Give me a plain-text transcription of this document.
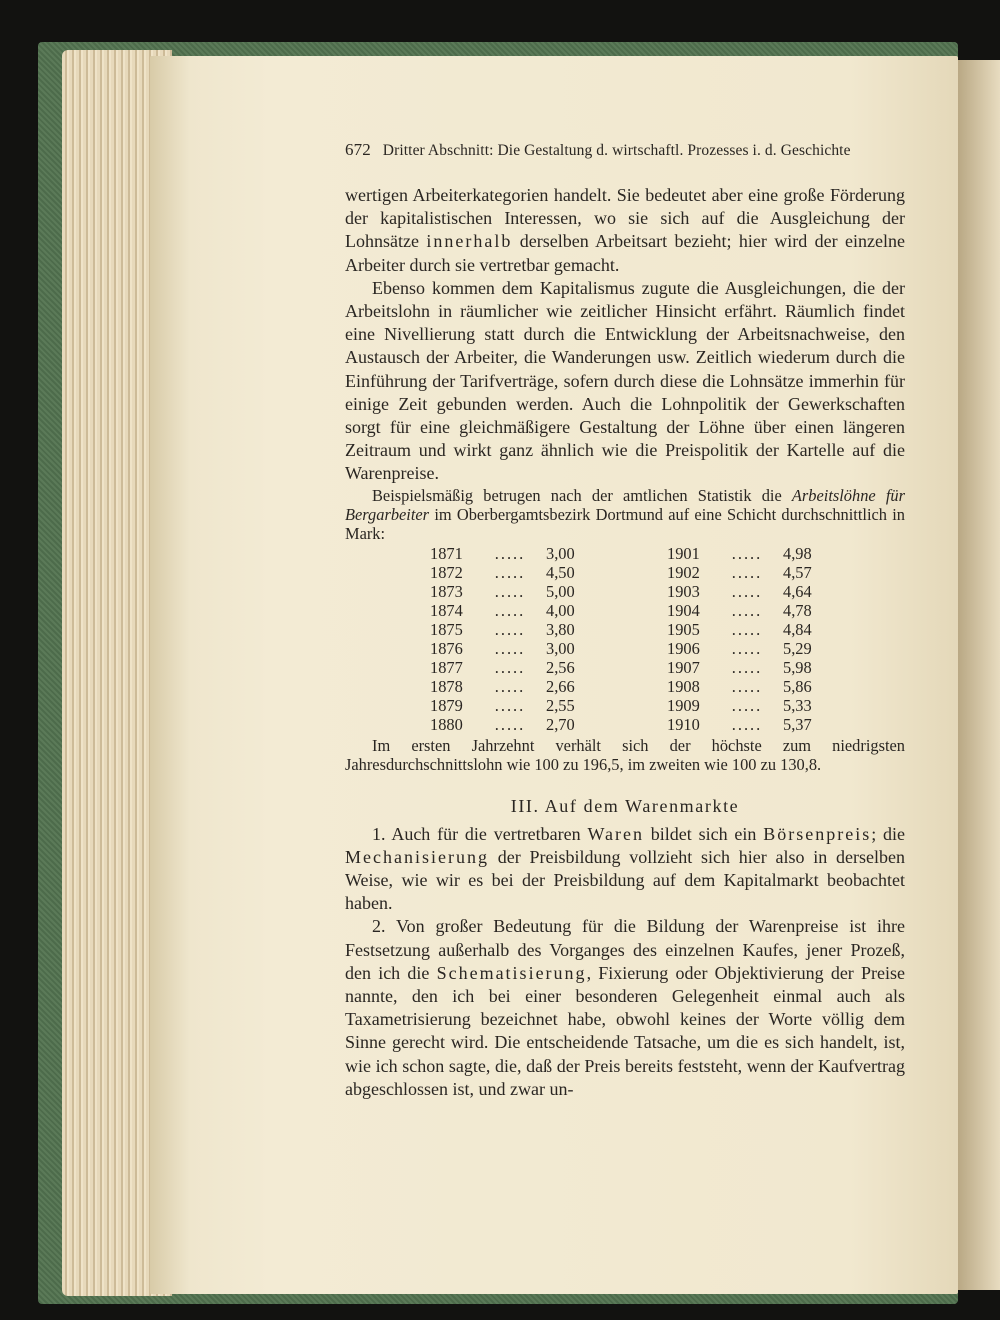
672 Dritter Abschnitt: Die Gestaltung d. wirtschaftl. Prozesses i. d. Geschichte

wertigen Arbeiterkategorien handelt. Sie bedeutet aber eine große Förderung der kapitalistischen Interessen, wo sie sich auf die Ausgleichung der Lohnsätze innerhalb derselben Arbeitsart bezieht; hier wird der einzelne Arbeiter durch sie vertretbar gemacht.

Ebenso kommen dem Kapitalismus zugute die Ausgleichungen, die der Arbeitslohn in räumlicher wie zeitlicher Hinsicht erfährt. Räumlich findet eine Nivellierung statt durch die Entwicklung der Arbeitsnachweise, den Austausch der Arbeiter, die Wanderungen usw. Zeitlich wiederum durch die Einführung der Tarifverträge, sofern durch diese die Lohnsätze immerhin für einige Zeit gebunden werden. Auch die Lohnpolitik der Gewerkschaften sorgt für eine gleichmäßigere Gestaltung der Löhne über einen längeren Zeitraum und wirkt ganz ähnlich wie die Preispolitik der Kartelle auf die Warenpreise.

Beispielsmäßig betrugen nach der amtlichen Statistik die Arbeitslöhne für Bergarbeiter im Oberbergamtsbezirk Dortmund auf eine Schicht durchschnittlich in Mark:

1871 ..... 3,00
1872 ..... 4,50
1873 ..... 5,00
1874 ..... 4,00
1875 ..... 3,80
1876 ..... 3,00
1877 ..... 2,56
1878 ..... 2,66
1879 ..... 2,55
1880 ..... 2,70
1901 ..... 4,98
1902 ..... 4,57
1903 ..... 4,64
1904 ..... 4,78
1905 ..... 4,84
1906 ..... 5,29
1907 ..... 5,98
1908 ..... 5,86
1909 ..... 5,33
1910 ..... 5,37

Im ersten Jahrzehnt verhält sich der höchste zum niedrigsten Jahresdurchschnittslohn wie 100 zu 196,5, im zweiten wie 100 zu 130,8.

III. Auf dem Warenmarkte

1. Auch für die vertretbaren Waren bildet sich ein Börsenpreis; die Mechanisierung der Preisbildung vollzieht sich hier also in derselben Weise, wie wir es bei der Preisbildung auf dem Kapitalmarkt beobachtet haben.

2. Von großer Bedeutung für die Bildung der Warenpreise ist ihre Festsetzung außerhalb des Vorganges des einzelnen Kaufes, jener Prozeß, den ich die Schematisierung, Fixierung oder Objektivierung der Preise nannte, den ich bei einer besonderen Gelegenheit einmal auch als Taxametrisierung bezeichnet habe, obwohl keines der Worte völlig dem Sinne gerecht wird. Die entscheidende Tatsache, um die es sich handelt, ist, wie ich schon sagte, die, daß der Preis bereits feststeht, wenn der Kaufvertrag abgeschlossen ist, und zwar un-
